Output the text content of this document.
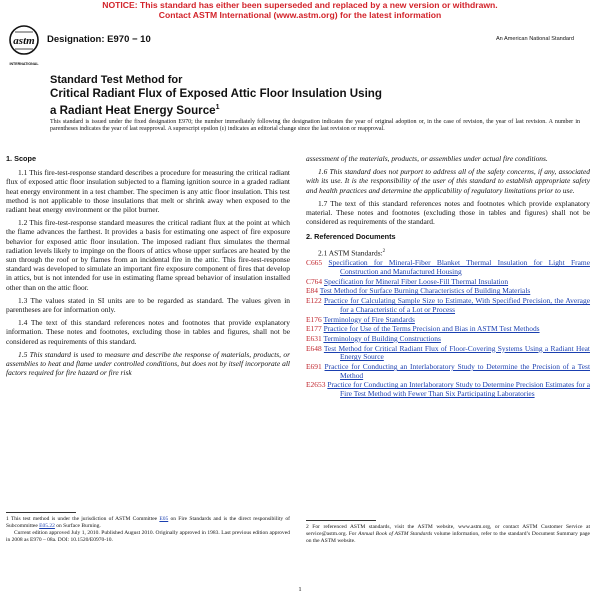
NOTICE: This standard has either been superseded and replaced by a new version or withdrawn.
Contact ASTM International (www.astm.org) for the latest information
astm
INTERNATIONAL
Designation: E970 − 10	An American National Standard
Standard Test Method for
Critical Radiant Flux of Exposed Attic Floor Insulation Using
a Radiant Heat Energy Source$^1$
This standard is issued under the fixed designation E970; the number immediately following the designation indicates the year of original adoption or, in the case of revision, the year of last revision. A number in parentheses indicates the year of last reapproval. A superscript epsilon (ε) indicates an editorial change since the last revision or reapproval.
1. Scope

1.1 This fire-test-response standard describes a procedure for measuring the critical radiant flux of exposed attic floor insulation subjected to a flaming ignition source in a graded radiant heat energy environment in a test chamber. The specimen is any attic floor insulation. This test method is not applicable to those insulations that melt or shrink away when exposed to the radiant heat energy environment or the pilot burner.

1.2 This fire-test-response standard measures the critical radiant flux at the point at which the flame advances the farthest. It provides a basis for estimating one aspect of fire exposure behavior for exposed attic floor insulation. The imposed radiant flux simulates the thermal radiation levels likely to impinge on the floors of attics whose upper surfaces are heated by the sun through the roof or by flames from an incidental fire in the attic. This fire-test-response standard was developed to simulate an important fire exposure component of fires that develop in attics, but is not intended for use in estimating flame spread behavior of insulation installed other than on the attic floor.

1.3 The values stated in SI units are to be regarded as standard. The values given in parentheses are for information only.

1.4 The text of this standard references notes and footnotes that provide explanatory information. These notes and footnotes, excluding those in tables and figures, shall not be considered as requirements of this standard.

1.5 This standard is used to measure and describe the response of materials, products, or assemblies to heat and flame under controlled conditions, but does not by itself incorporate all factors required for fire hazard or fire risk

1 This test method is under the jurisdiction of ASTM Committee E05 on Fire Standards and is the direct responsibility of Subcommittee E05.22 on Surface Burning.
Current edition approved July 1, 2010. Published August 2010. Originally approved in 1983. Last previous edition approved in 2008 as E970 – 08a. DOI: 10.1520/E0970-10.

assessment of the materials, products, or assemblies under actual fire conditions.

1.6 This standard does not purport to address all of the safety concerns, if any, associated with its use. It is the responsibility of the user of this standard to establish appropriate safety and health practices and determine the applicability of regulatory limitations prior to use.

1.7 The text of this standard references notes and footnotes which provide explanatory material. These notes and footnotes (excluding those in tables and figures) shall not be considered as requirements of the standard.

2. Referenced Documents

2.1 ASTM Standards:$^2$

C665 Specification for Mineral-Fiber Blanket Thermal Insulation for Light Frame Construction and Manufactured Housing
C764 Specification for Mineral Fiber Loose-Fill Thermal Insulation
E84 Test Method for Surface Burning Characteristics of Building Materials
E122 Practice for Calculating Sample Size to Estimate, With Specified Precision, the Average for a Characteristic of a Lot or Process
E176 Terminology of Fire Standards
E177 Practice for Use of the Terms Precision and Bias in ASTM Test Methods
E631 Terminology of Building Constructions
E648 Test Method for Critical Radiant Flux of Floor-Covering Systems Using a Radiant Heat Energy Source
E691 Practice for Conducting an Interlaboratory Study to Determine the Precision of a Test Method
E2653 Practice for Conducting an Interlaboratory Study to Determine Precision Estimates for a Fire Test Method with Fewer Than Six Participating Laboratories
2 For referenced ASTM standards, visit the ASTM website, www.astm.org, or contact ASTM Customer Service at service@astm.org. For Annual Book of ASTM Standards volume information, refer to the standard’s Document Summary page on the ASTM website.
1
